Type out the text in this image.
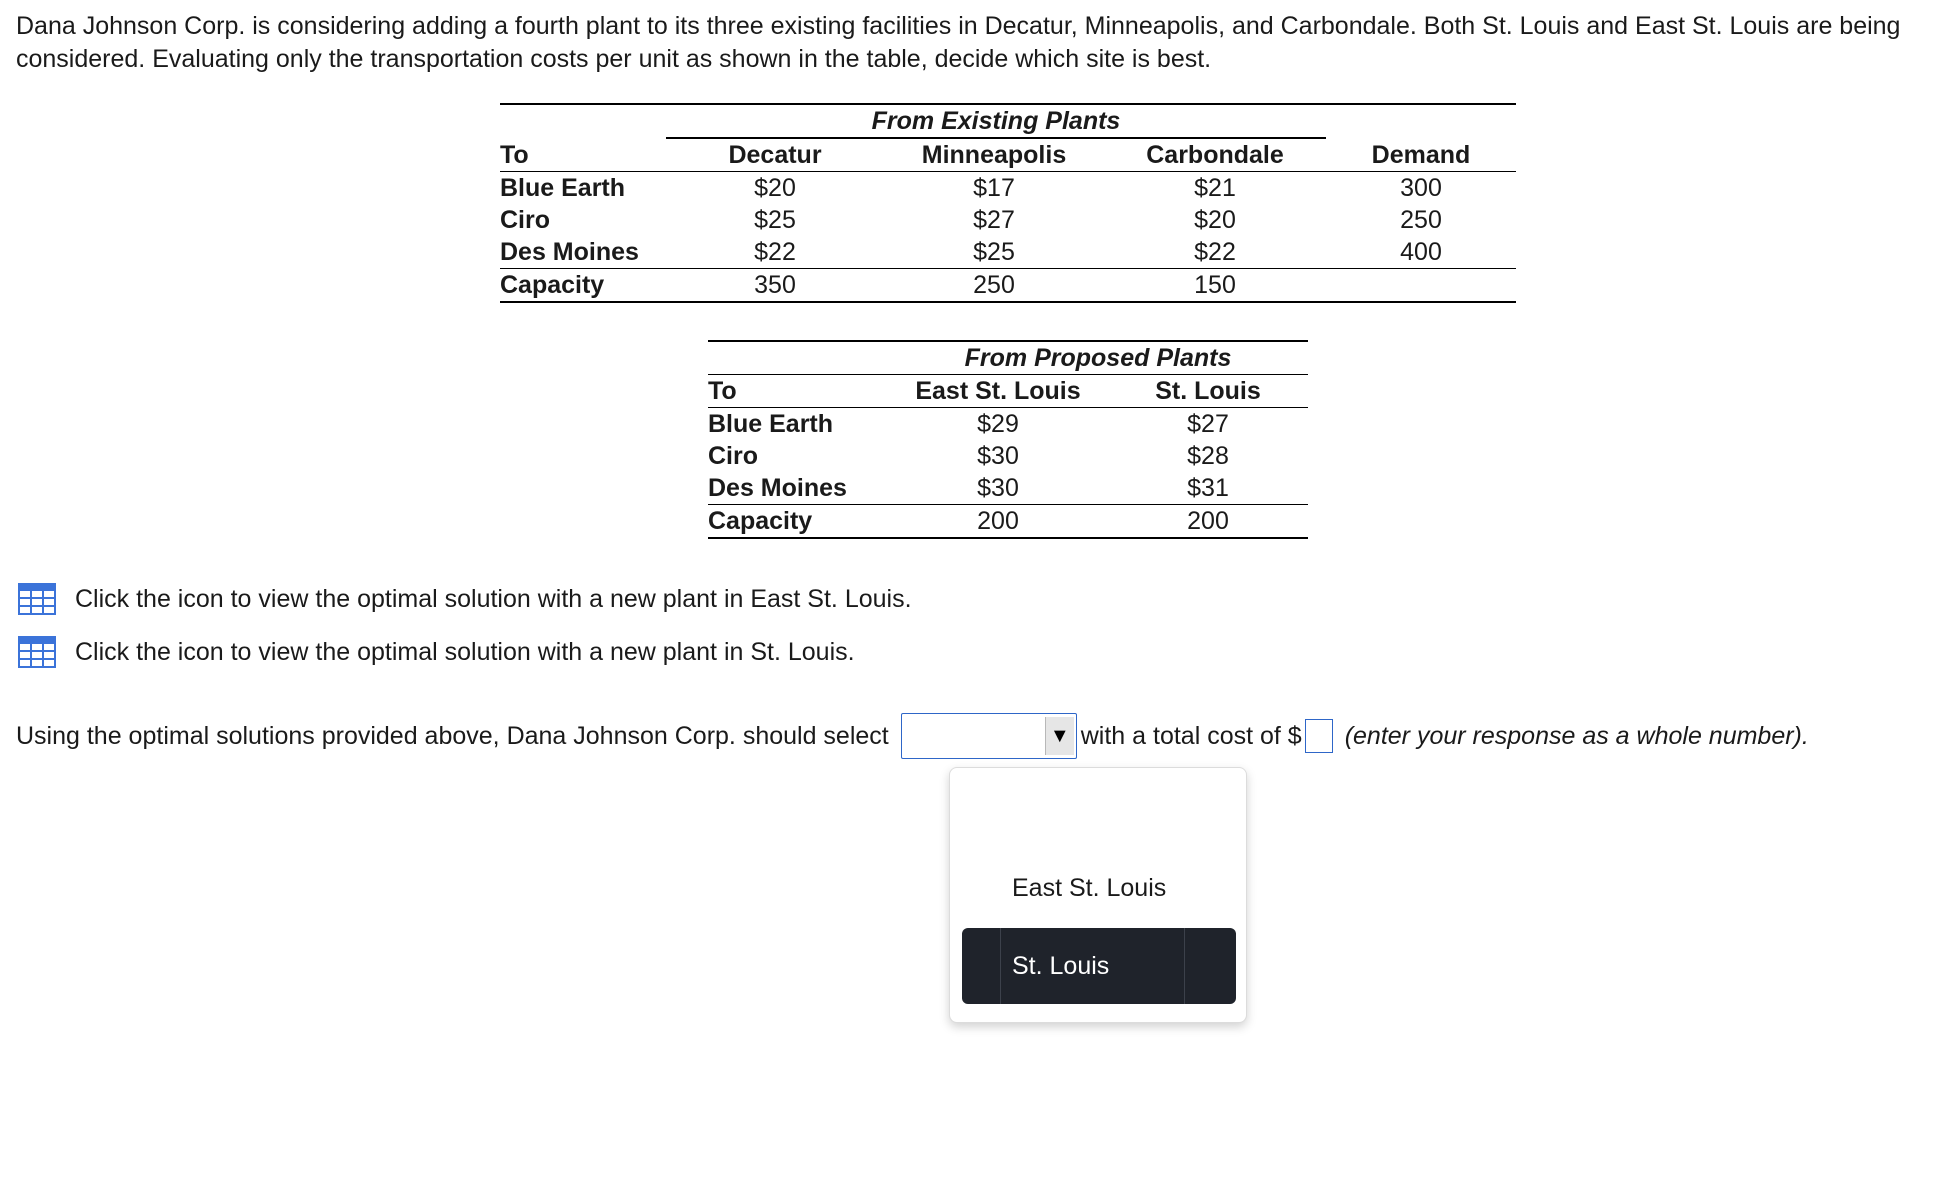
Dana Johnson Corp. is considering adding a fourth plant to its three existing facilities in Decatur, Minneapolis, and Carbondale. Both St. Louis and East St. Louis are being considered. Evaluating only the transportation costs per unit as shown in the table, decide which site is best.

	From Existing Plants			
To	Decatur	Minneapolis	Carbondale	Demand
Blue Earth	$20	$17	$21	300
Ciro	$25	$27	$20	250
Des Moines	$22	$25	$22	400
Capacity	350	250	150	
	From Proposed Plants	
To	East St. Louis	St. Louis
Blue Earth	$29	$27
Ciro	$30	$28
Des Moines	$30	$31
Capacity	200	200
Click the icon to view the optimal solution with a new plant in East St. Louis.
Click the icon to view the optimal solution with a new plant in St. Louis.
Using the optimal solutions provided above, Dana Johnson Corp. should select	▼ with a total cost of $ (enter your response as a whole number).
East St. Louis
St. Louis
